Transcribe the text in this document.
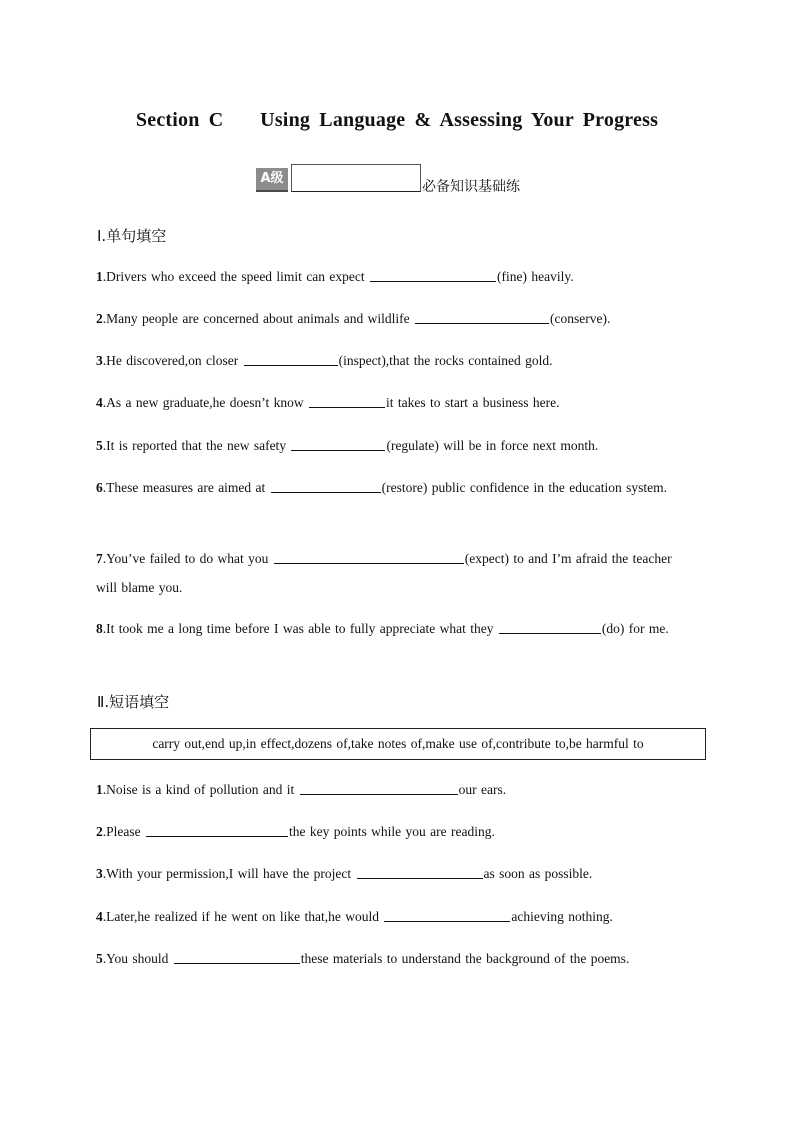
Section C    Using Language & Assessing Your Progress
A级
必备知识基础练
Ⅰ.单句填空
1.Drivers who exceed the speed limit can expect	(fine) heavily.
2.Many people are concerned about animals and wildlife	(conserve).
3.He discovered,on closer	(inspect),that the rocks contained gold.
4.As a new graduate,he doesn’t know	it takes to start a business here.
5.It is reported that the new safety	(regulate) will be in force next month.
6.These measures are aimed at	(restore) public confidence in the education system.
7.You’ve failed to do what you	(expect) to and I’m afraid the teacher will blame you.
8.It took me a long time before I was able to fully appreciate what they	(do) for me.
Ⅱ.短语填空
carry out,end up,in effect,dozens of,take notes of,make use of,contribute to,be harmful to
1.Noise is a kind of pollution and it	our ears.
2.Please	the key points while you are reading.
3.With your permission,I will have the project	as soon as possible.
4.Later,he realized if he went on like that,he would	achieving nothing.
5.You should	these materials to understand the background of the poems.
